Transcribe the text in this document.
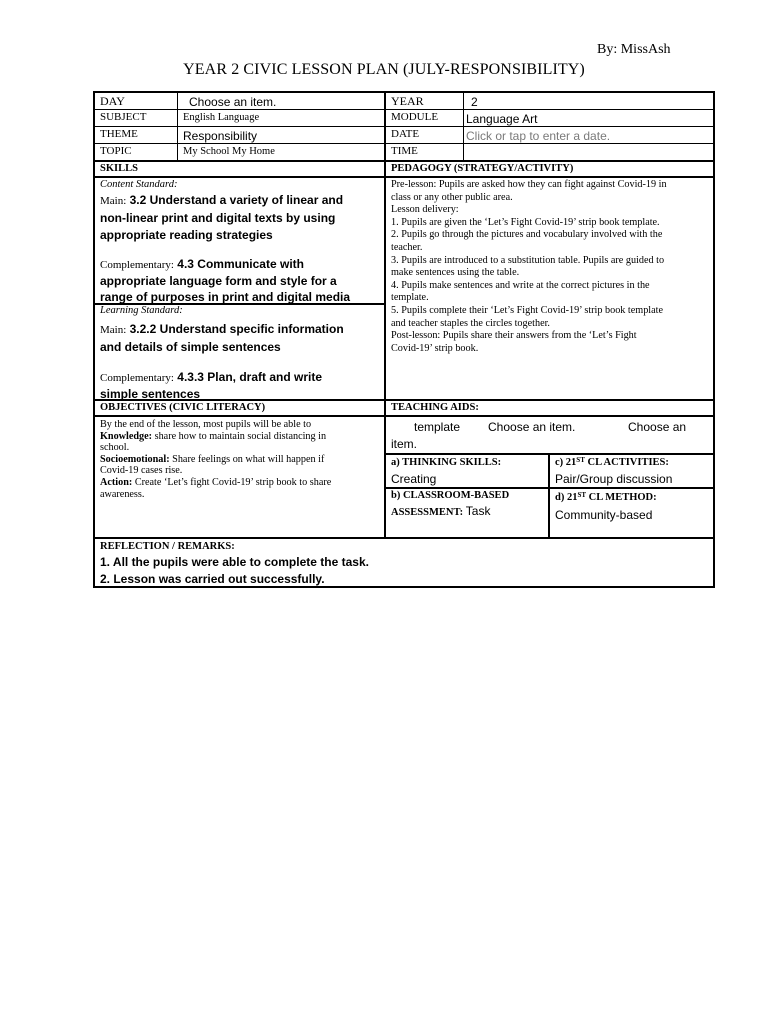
By: MissAsh
YEAR 2 CIVIC LESSON PLAN (JULY-RESPONSIBILITY)
DAY	Choose an item.	YEAR	2
SUBJECT	English Language	MODULE Language Art
THEME	Responsibility	DATE	Click or tap to enter a date.
TOPIC	My School My Home	TIME
SKILLS	PEDAGOGY (STRATEGY/ACTIVITY)
Content Standard:
Main: 3.2 Understand a variety of linear and
non-linear print and digital texts by using
appropriate reading strategies
Complementary: 4.3 Communicate with
appropriate language form and style for a
range of purposes in print and digital media
Learning Standard:
Main: 3.2.2 Understand specific information
and details of simple sentences
Complementary: 4.3.3 Plan, draft and write
simple sentences
Pre-lesson: Pupils are asked how they can fight against Covid-19 in
class or any other public area.
Lesson delivery:
1. Pupils are given the ‘Let’s Fight Covid-19’ strip book template.
2. Pupils go through the pictures and vocabulary involved with the
teacher.
3. Pupils are introduced to a substitution table. Pupils are guided to
make sentences using the table.
4. Pupils make sentences and write at the correct pictures in the
template.
5. Pupils complete their ‘Let’s Fight Covid-19’ strip book template
and teacher staples the circles together.
Post-lesson: Pupils share their answers from the ‘Let’s Fight
Covid-19’ strip book.
OBJECTIVES (CIVIC LITERACY)	TEACHING AIDS:
By the end of the lesson, most pupils will be able to
Knowledge: share how to maintain social distancing in
school.
Socioemotional: Share feelings on what will happen if
Covid-19 cases rise.
Action: Create ‘Let’s fight Covid-19’ strip book to share
awareness.
template Choose an item.	Choose an
item.
a) THINKING SKILLS:
Creating
c) 21ST CL ACTIVITIES:
Pair/Group discussion
b) CLASSROOM-BASED
ASSESSMENT: Task
d) 21ST CL METHOD:
Community-based
REFLECTION / REMARKS:
1. All the pupils were able to complete the task.
2. Lesson was carried out successfully.
